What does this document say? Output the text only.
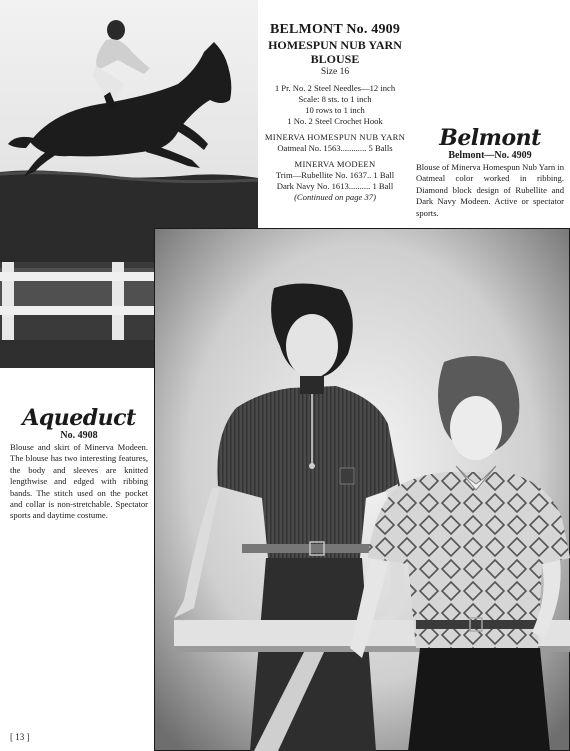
BELMONT No. 4909
HOMESPUN NUB YARN
BLOUSE
Size 16
1 Pr. No. 2 Steel Needles—12 inch
Scale: 8 sts. to 1 inch
10 rows to 1 inch
1 No. 2 Steel Crochet Hook
MINERVA HOMESPUN NUB YARN
Oatmeal No. 1563............ 5 Balls
MINERVA MODEEN
Trim—Rubellite No. 1637.. 1 Ball
Dark Navy No. 1613.......... 1 Ball
(Continued on page 37)
Belmont
Belmont—No. 4909
Blouse of Minerva Homespun Nub Yarn in Oatmeal color worked in ribbing. Diamond block design of Rubellite and Dark Navy Modeen. Active or spectator sports.
Aqueduct
No. 4908
Blouse and skirt of Minerva Modeen. The blouse has two interesting features, the body and sleeves are knitted lengthwise and edged with ribbing bands. The stitch used on the pocket and collar is non-stretchable. Spectator sports and daytime costume.
[ 13 ]
